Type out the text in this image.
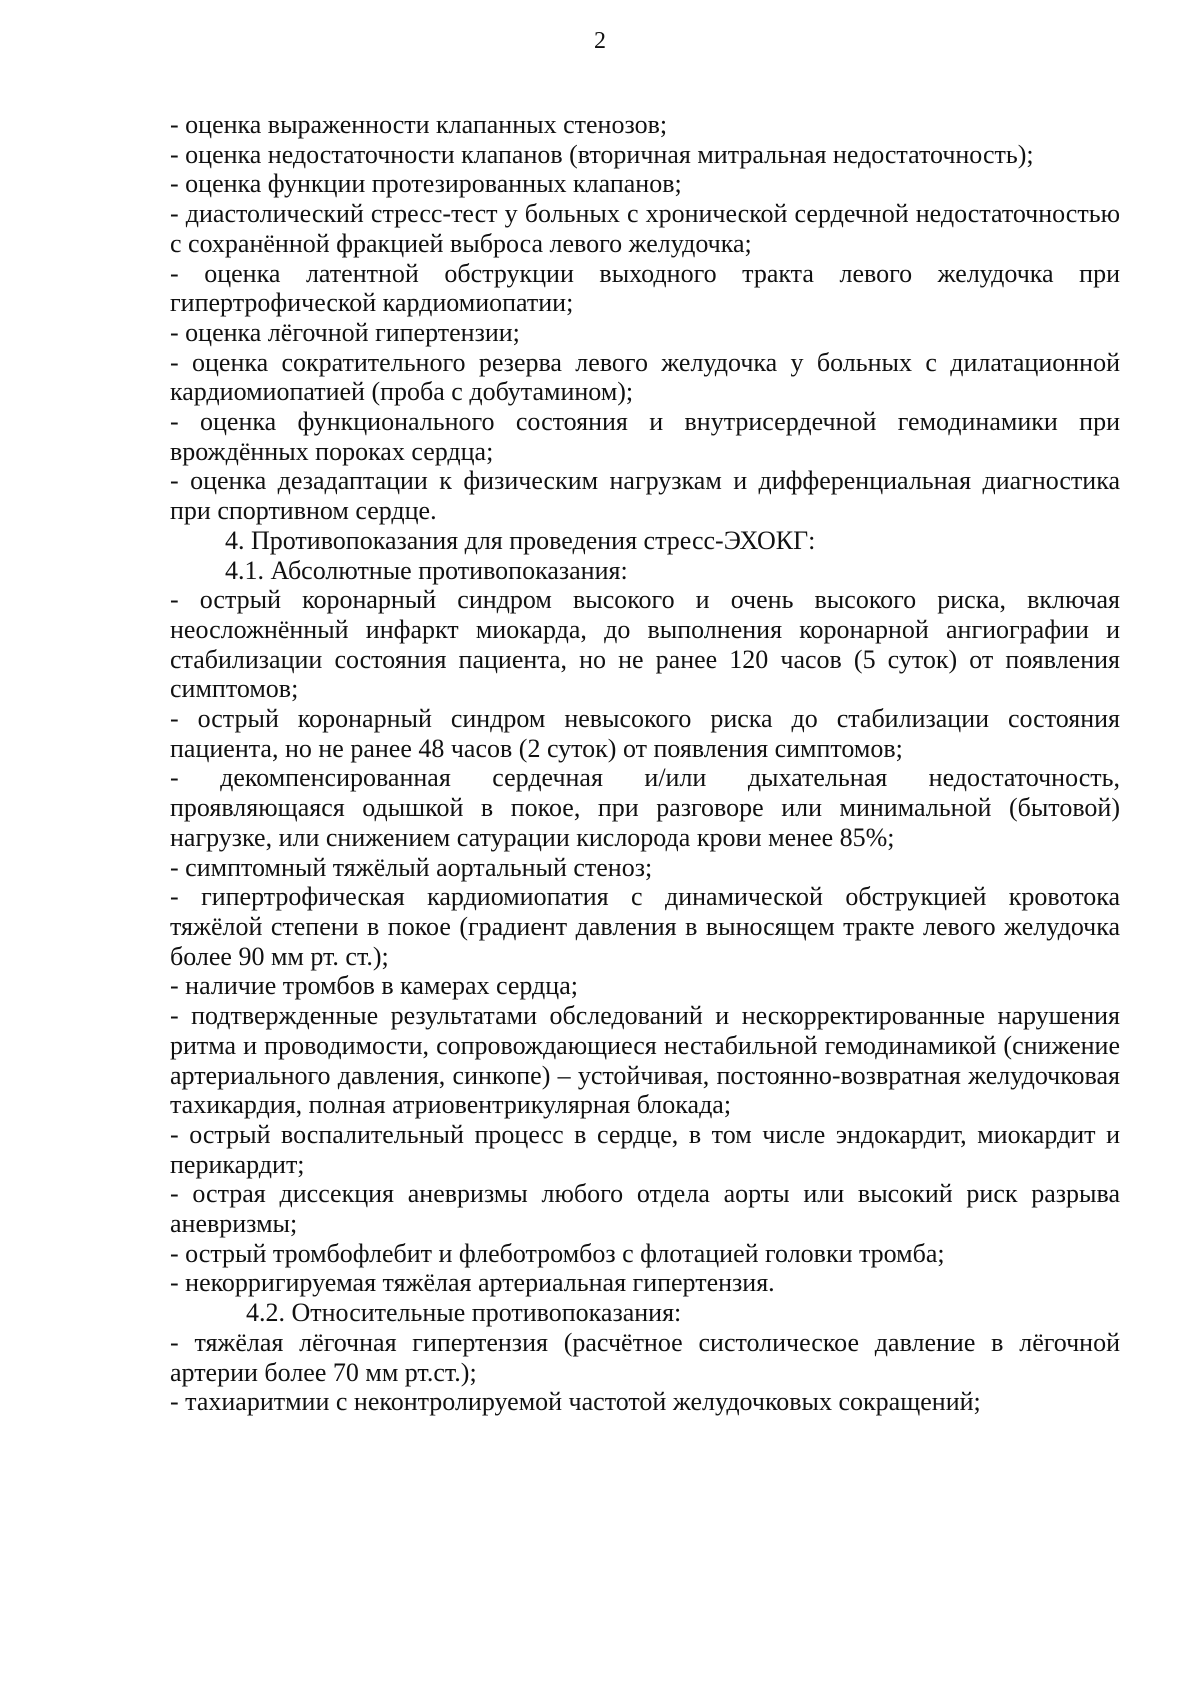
2

- оценка выраженности клапанных стенозов;

- оценка недостаточности клапанов (вторичная митральная недостаточность);

- оценка функции протезированных клапанов;

- диастолический стресс-тест у больных с хронической сердечной недостаточностью с сохранённой фракцией выброса левого желудочка;

- оценка латентной обструкции выходного тракта левого желудочка при гипертрофической кардиомиопатии;

- оценка лёгочной гипертензии;

- оценка сократительного резерва левого желудочка у больных с дилатационной кардиомиопатией (проба с добутамином);

- оценка функционального состояния и внутрисердечной гемодинамики при врождённых пороках сердца;

- оценка дезадаптации к физическим нагрузкам и дифференциальная диагностика при спортивном сердце.

4. Противопоказания для проведения стресс-ЭХОКГ:

4.1. Абсолютные противопоказания:

- острый коронарный синдром высокого и очень высокого риска, включая неосложнённый инфаркт миокарда, до выполнения коронарной ангиографии и стабилизации состояния пациента, но не ранее 120 часов (5 суток) от появления симптомов;

- острый коронарный синдром невысокого риска до стабилизации состояния пациента, но не ранее 48 часов (2 суток) от появления симптомов;

- декомпенсированная сердечная и/или дыхательная недостаточность, проявляющаяся одышкой в покое, при разговоре или минимальной (бытовой) нагрузке, или снижением сатурации кислорода крови менее 85%;

- симптомный тяжёлый аортальный стеноз;

- гипертрофическая кардиомиопатия с динамической обструкцией кровотока тяжёлой степени в покое (градиент давления в выносящем тракте левого желудочка более 90 мм рт. ст.);

- наличие тромбов в камерах сердца;

- подтвержденные результатами обследований и нескорректированные нарушения ритма и проводимости, сопровождающиеся нестабильной гемодинамикой (снижение артериального давления, синкопе) – устойчивая, постоянно-возвратная желудочковая тахикардия, полная атриовентрикулярная блокада;

- острый воспалительный процесс в сердце, в том числе эндокардит, миокардит и перикардит;

- острая диссекция аневризмы любого отдела аорты или высокий риск разрыва аневризмы;

- острый тромбофлебит и флеботромбоз с флотацией головки тромба;

- некорригируемая тяжёлая артериальная гипертензия.

4.2. Относительные противопоказания:

- тяжёлая лёгочная гипертензия (расчётное систолическое давление в лёгочной артерии более 70 мм рт.ст.);

- тахиаритмии с неконтролируемой частотой желудочковых сокращений;
